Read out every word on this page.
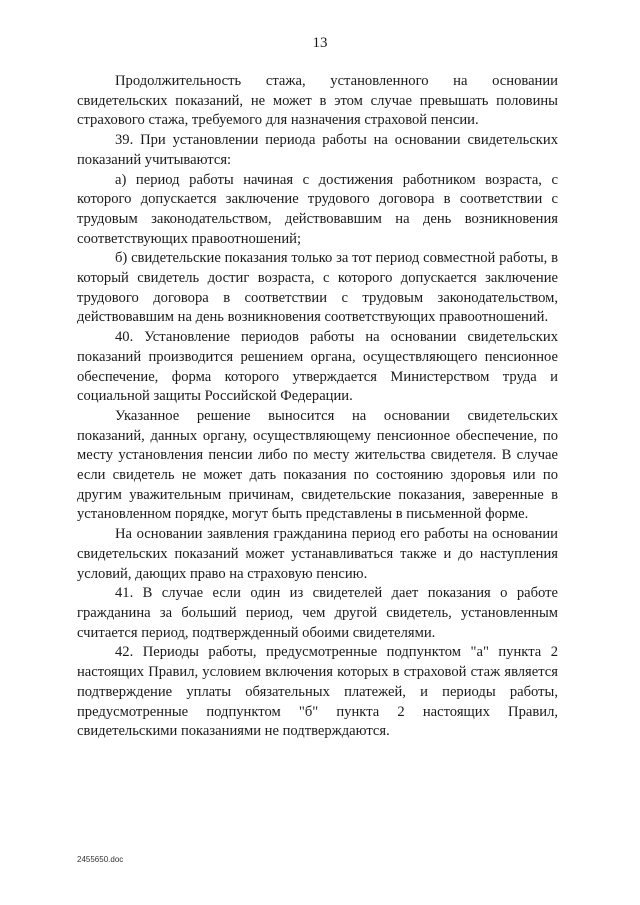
13

Продолжительность стажа, установленного на основании свидетельских показаний, не может в этом случае превышать половины страхового стажа, требуемого для назначения страховой пенсии.

39. При установлении периода работы на основании свидетельских показаний учитываются:

а) период работы начиная с достижения работником возраста, с которого допускается заключение трудового договора в соответствии с трудовым законодательством, действовавшим на день возникновения соответствующих правоотношений;

б) свидетельские показания только за тот период совместной работы, в который свидетель достиг возраста, с которого допускается заключение трудового договора в соответствии с трудовым законодательством, действовавшим на день возникновения соответствующих правоотношений.

40. Установление периодов работы на основании свидетельских показаний производится решением органа, осуществляющего пенсионное обеспечение, форма которого утверждается Министерством труда и социальной защиты Российской Федерации.

Указанное решение выносится на основании свидетельских показаний, данных органу, осуществляющему пенсионное обеспечение, по месту установления пенсии либо по месту жительства свидетеля. В случае если свидетель не может дать показания по состоянию здоровья или по другим уважительным причинам, свидетельские показания, заверенные в установленном порядке, могут быть представлены в письменной форме.

На основании заявления гражданина период его работы на основании свидетельских показаний может устанавливаться также и до наступления условий, дающих право на страховую пенсию.

41. В случае если один из свидетелей дает показания о работе гражданина за больший период, чем другой свидетель, установленным считается период, подтвержденный обоими свидетелями.

42. Периоды работы, предусмотренные подпунктом "а" пункта 2 настоящих Правил, условием включения которых в страховой стаж является подтверждение уплаты обязательных платежей, и периоды работы, предусмотренные подпунктом "б" пункта 2 настоящих Правил, свидетельскими показаниями не подтверждаются.

2455650.doc
